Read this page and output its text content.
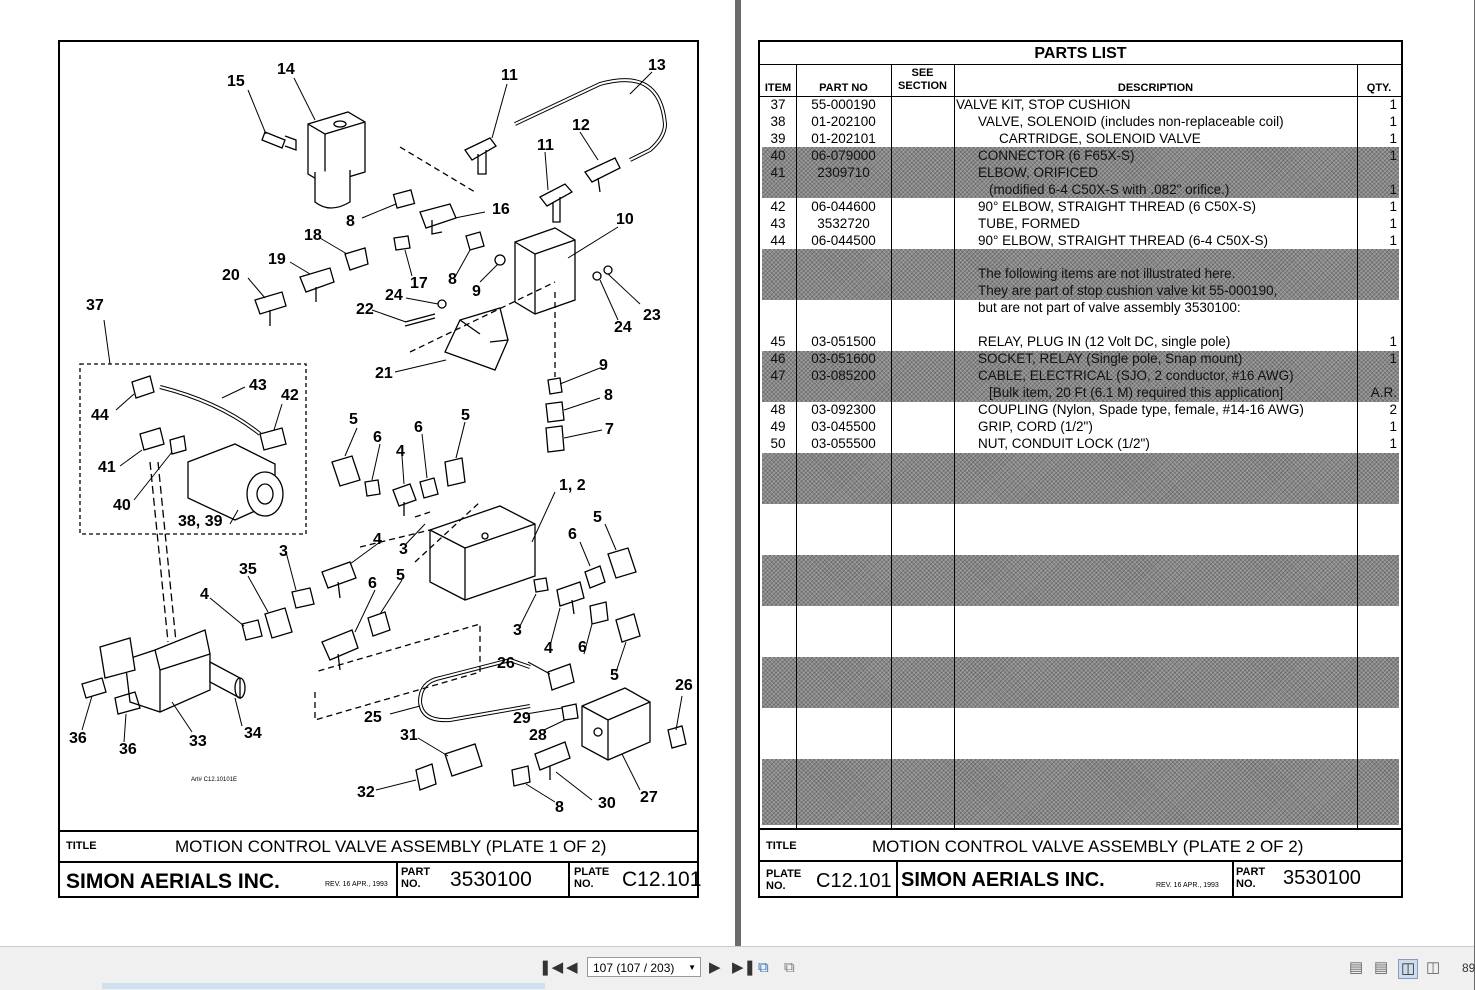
15
14	11
13
12
11
8
16
10
18
19
17
20	8
9
23
24
24
22
37
21
43
42
44
9
8
5
6
6
5
7
4
41
40
1, 2
38, 39
3
6
5
4
35
4
3
6 5
3
4 6
5
26
26
25	29
28
31
36
36	33 34
32
8 30 27
Art# C12.10101E
TITLE	MOTION CONTROL VALVE ASSEMBLY (PLATE 1 OF 2)
SIMON AERIALS INC.	REV. 16 APR., 1993
PART
NO.	3530100	PLATE
NO.	C12.101
PARTS LIST
ITEM	PART NO
SEE
SECTION	DESCRIPTION	QTY.
37	55-000190	VALVE KIT, STOP CUSHION	1
38	01-202100	VALVE, SOLENOID (includes non-replaceable coil)	1
39	01-202101	CARTRIDGE, SOLENOID VALVE	1
40	06-079000	CONNECTOR (6 F65X-S)	1
41	2309710	ELBOW, ORIFICED
(modified 6-4 C50X-S with .082" orifice.)	1
42	06-044600	90° ELBOW, STRAIGHT THREAD (6 C50X-S)	1
43	3532720	TUBE, FORMED	1
44	06-044500	90° ELBOW, STRAIGHT THREAD (6-4 C50X-S)	1
The following items are not illustrated here.
They are part of stop cushion valve kit 55-000190,
but are not part of valve assembly 3530100:
45	03-051500	RELAY, PLUG IN (12 Volt DC, single pole)	1
46	03-051600	SOCKET, RELAY (Single pole, Snap mount)	1
47	03-085200	CABLE, ELECTRICAL (SJO, 2 conductor, #16 AWG)
[Bulk item, 20 Ft (6.1 M) required this application]	A.R.
48	03-092300	COUPLING (Nylon, Spade type, female, #14-16 AWG)	2
49	03-045500	GRIP, CORD (1/2")	1
50	03-055500	NUT, CONDUIT LOCK (1/2")	1
TITLE	MOTION CONTROL VALVE ASSEMBLY (PLATE 2 OF 2)
PLATE
NO.	C12.101 SIMON AERIALS INC.	REV. 16 APR., 1993
PART
NO.	3530100
❚◀ ◀	▶ ▶❚ ⧉ ⧉	▤ ▤ ◫ ◫ 89
107 (107 / 203) ▼
